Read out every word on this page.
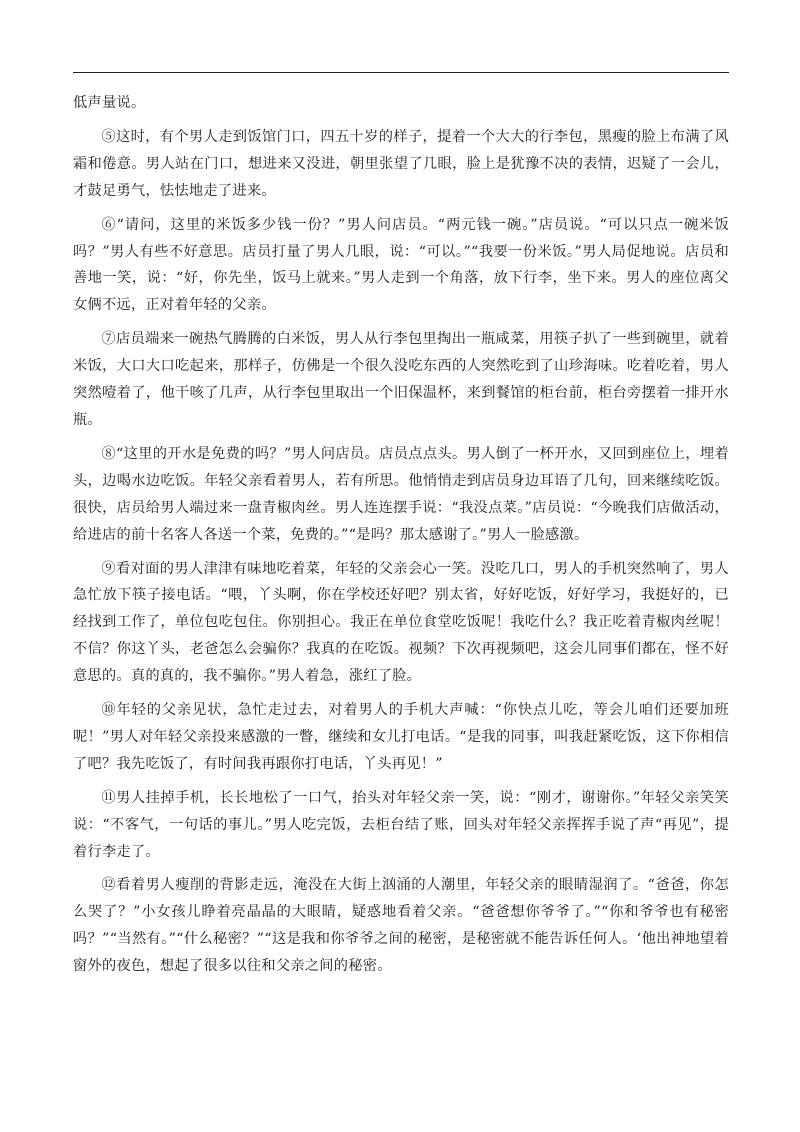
低声量说。

⑤这时，有个男人走到饭馆门口，四五十岁的样子，提着一个大大的行李包，黑瘦的脸上布满了风霜和倦意。男人站在门口，想进来又没进，朝里张望了几眼，脸上是犹豫不决的表情，迟疑了一会儿，才鼓足勇气，怯怯地走了进来。

⑥“请问，这里的米饭多少钱一份？”男人问店员。“两元钱一碗。”店员说。“可以只点一碗米饭吗？”男人有些不好意思。店员打量了男人几眼，说：“可以。”“我要一份米饭。”男人局促地说。店员和善地一笑，说：“好，你先坐，饭马上就来。”男人走到一个角落，放下行李，坐下来。男人的座位离父女俩不远，正对着年轻的父亲。

⑦店员端来一碗热气腾腾的白米饭，男人从行李包里掏出一瓶咸菜，用筷子扒了一些到碗里，就着米饭，大口大口吃起来，那样子，仿佛是一个很久没吃东西的人突然吃到了山珍海味。吃着吃着，男人突然噎着了，他干咳了几声，从行李包里取出一个旧保温杯，来到餐馆的柜台前，柜台旁摆着一排开水瓶。

⑧“这里的开水是免费的吗？”男人问店员。店员点点头。男人倒了一杯开水，又回到座位上，埋着头，边喝水边吃饭。年轻父亲看着男人，若有所思。他悄悄走到店员身边耳语了几句，回来继续吃饭。很快，店员给男人端过来一盘青椒肉丝。男人连连摆手说：“我没点菜。”店员说：“今晚我们店做活动，给进店的前十名客人各送一个菜，免费的。”“是吗？那太感谢了。”男人一脸感激。

⑨看对面的男人津津有味地吃着菜，年轻的父亲会心一笑。没吃几口，男人的手机突然响了，男人急忙放下筷子接电话。“喂，丫头啊，你在学校还好吧？别太省，好好吃饭，好好学习，我挺好的，已经找到工作了，单位包吃包住。你别担心。我正在单位食堂吃饭呢！我吃什么？我正吃着青椒肉丝呢！不信？你这丫头，老爸怎么会骗你？我真的在吃饭。视频？下次再视频吧，这会儿同事们都在，怪不好意思的。真的真的，我不骗你。”男人着急，涨红了脸。

⑩年轻的父亲见状，急忙走过去，对着男人的手机大声喊：“你快点儿吃，等会儿咱们还要加班呢！”男人对年轻父亲投来感激的一瞥，继续和女儿打电话。“是我的同事，叫我赶紧吃饭，这下你相信了吧？我先吃饭了，有时间我再跟你打电话，丫头再见！”

⑪男人挂掉手机，长长地松了一口气，抬头对年轻父亲一笑，说：“刚才，谢谢你。”年轻父亲笑笑说：“不客气，一句话的事儿。”男人吃完饭，去柜台结了账，回头对年轻父亲挥挥手说了声“再见”，提着行李走了。

⑫看着男人瘦削的背影走远，淹没在大街上汹涌的人潮里，年轻父亲的眼睛湿润了。“爸爸，你怎么哭了？”小女孩儿睁着亮晶晶的大眼睛，疑惑地看着父亲。“爸爸想你爷爷了。”“你和爷爷也有秘密吗？”“当然有。”“什么秘密？”“这是我和你爷爷之间的秘密，是秘密就不能告诉任何人。‘他出神地望着窗外的夜色，想起了很多以往和父亲之间的秘密。
